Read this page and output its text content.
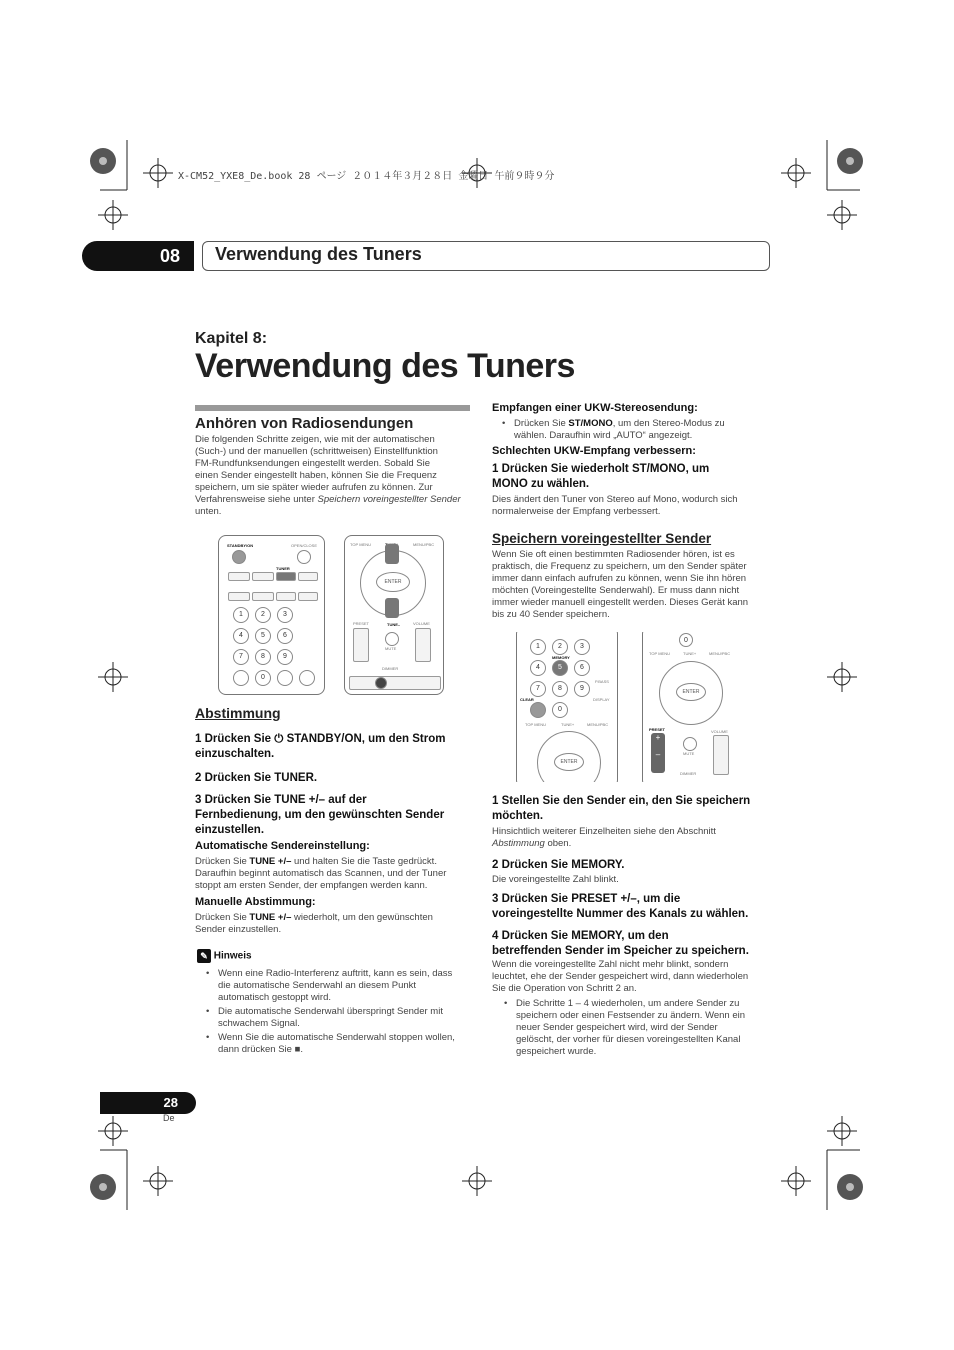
X-CM52_YXE8_De.book 28 ページ ２０１４年３月２８日 金曜日 午前９時９分
08 Verwendung des Tuners
Kapitel 8:
Verwendung des Tuners
Anhören von Radiosendungen
Die folgenden Schritte zeigen, wie mit der automatischen
(Such-) und der manuellen (schrittweisen) Einstellfunktion
FM-Rundfunksendungen eingestellt werden. Sobald Sie
einen Sender eingestellt haben, können Sie die Frequenz
speichern, um sie später wieder aufrufen zu können. Zur
Verfahrensweise siehe unter Speichern voreingestellter Sender
unten.
STANDBY/ON	OPEN/CLOSE
TUNER
1	2	3
4	5	6
7	8	9
0
TOP MENU	MENU/PBC
ENTER
TUNE–
PRESET	VOLUME
MUTE
DIMMER
Abstimmung
1 Drücken Sie ⏻ STANDBY/ON, um den Strom
einzuschalten.
2 Drücken Sie TUNER.
3 Drücken Sie TUNE +/– auf der
Fernbedienung, um den gewünschten Sender
einzustellen.
Automatische Sendereinstellung:
Drücken Sie TUNE +/– und halten Sie die Taste gedrückt.
Daraufhin beginnt automatisch das Scannen, und der Tuner
stoppt am ersten Sender, der empfangen werden kann.
Manuelle Abstimmung:
Drücken Sie TUNE +/– wiederholt, um den gewünschten
Sender einzustellen.
✎ Hinweis
• Wenn eine Radio-Interferenz auftritt, kann es sein, dass
die automatische Senderwahl an diesem Punkt
automatisch gestoppt wird.
• Die automatische Senderwahl überspringt Sender mit
schwachem Signal.
• Wenn Sie die automatische Senderwahl stoppen wollen,
dann drücken Sie ■.
Empfangen einer UKW-Stereosendung:
• Drücken Sie ST/MONO, um den Stereo-Modus zu
wählen. Daraufhin wird „AUTO“ angezeigt.
Schlechten UKW-Empfang verbessern:
1 Drücken Sie wiederholt ST/MONO, um
MONO zu wählen.
Dies ändert den Tuner von Stereo auf Mono, wodurch sich
normalerweise der Empfang verbessert.
Speichern voreingestellter Sender
Wenn Sie oft einen bestimmten Radiosender hören, ist es
praktisch, die Frequenz zu speichern, um den Sender später
immer dann einfach aufrufen zu können, wenn Sie ihn hören
möchten (Voreingestellte Senderwahl). Er muss dann nicht
immer wieder manuell eingestellt werden. Dieses Gerät kann
bis zu 40 Sender speichern.
1	2	3
4	5
MEMORY
6
P.BASS
7	8	9
CLEAR
0
DISPLAY
TOP MENU	TUNE+	MENU/PBC
ENTER
0
TOP MENU	TUNE+	MENU/PBC
ENTER
PRESET	VOLUME
+
–	MUTE
DIMMER
1 Stellen Sie den Sender ein, den Sie speichern
möchten.
Hinsichtlich weiterer Einzelheiten siehe den Abschnitt
Abstimmung oben.
2 Drücken Sie MEMORY.
Die voreingestellte Zahl blinkt.
3 Drücken Sie PRESET +/–, um die
voreingestellte Nummer des Kanals zu wählen.
4 Drücken Sie MEMORY, um den
betreffenden Sender im Speicher zu speichern.
Wenn die voreingestellte Zahl nicht mehr blinkt, sondern
leuchtet, ehe der Sender gespeichert wird, dann wiederholen
Sie die Operation von Schritt 2 an.
• Die Schritte 1 – 4 wiederholen, um andere Sender zu
speichern oder einen Festsender zu ändern. Wenn ein
neuer Sender gespeichert wird, wird der Sender
gelöscht, der vorher für diesen voreingestellten Kanal
gespeichert wurde.
28
De
